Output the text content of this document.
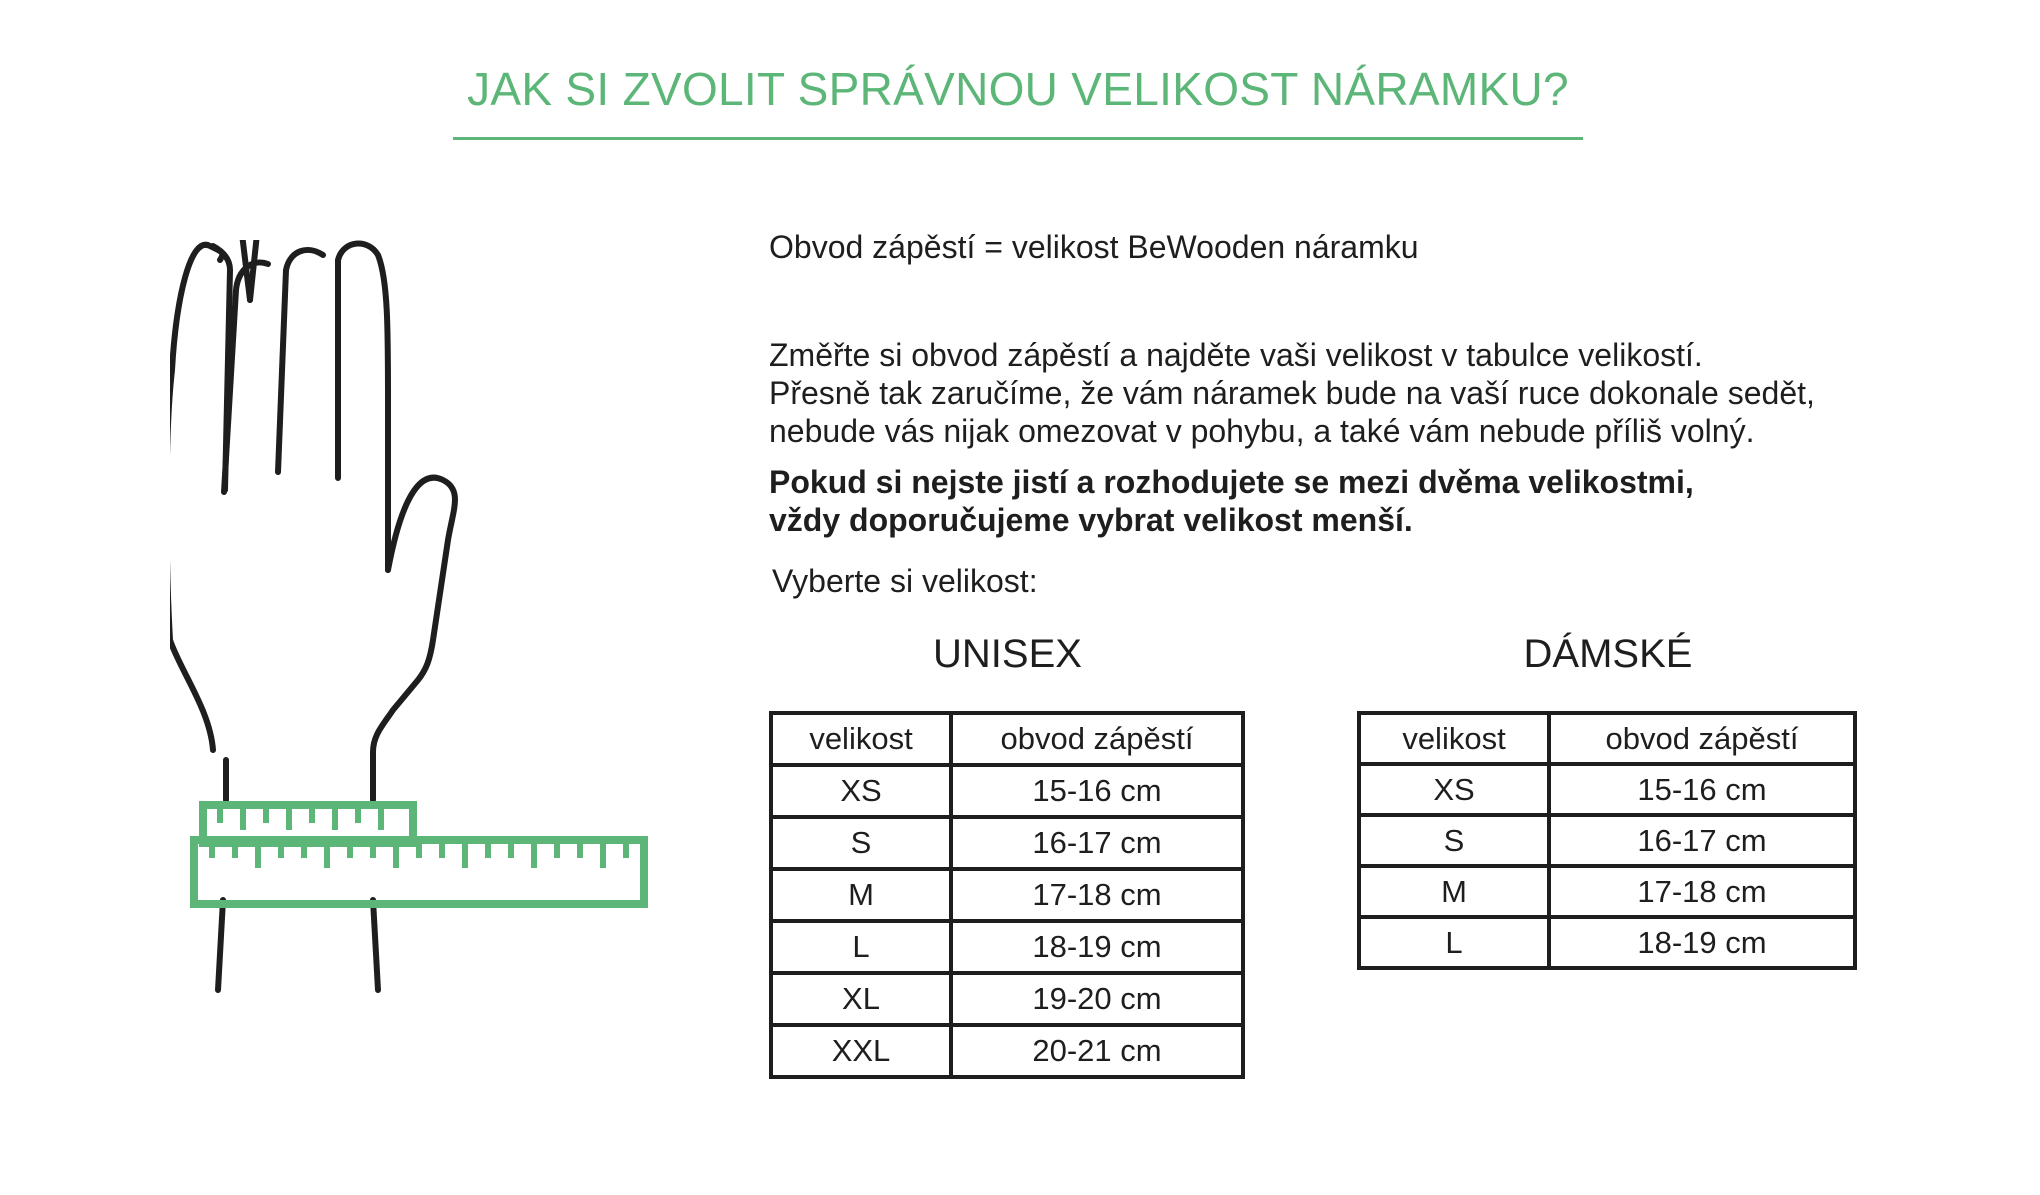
JAK SI ZVOLIT SPRÁVNOU VELIKOST NÁRAMKU?
Obvod zápěstí = velikost BeWooden náramku
Změřte si obvod zápěstí a najděte vaši velikost v tabulce velikostí.
Přesně tak zaručíme, že vám náramek bude na vaší ruce dokonale sedět,
nebude vás nijak omezovat v pohybu, a také vám nebude příliš volný.
Pokud si nejste jistí a rozhodujete se mezi dvěma velikostmi,
vždy doporučujeme vybrat velikost menší.
Vyberte si velikost:
UNISEX	DÁMSKÉ
velikost	obvod zápěstí
XS	15-16 cm
S	16-17 cm
M	17-18 cm
L	18-19 cm
XL	19-20 cm
XXL	20-21 cm
velikost	obvod zápěstí
XS	15-16 cm
S	16-17 cm
M	17-18 cm
L	18-19 cm
